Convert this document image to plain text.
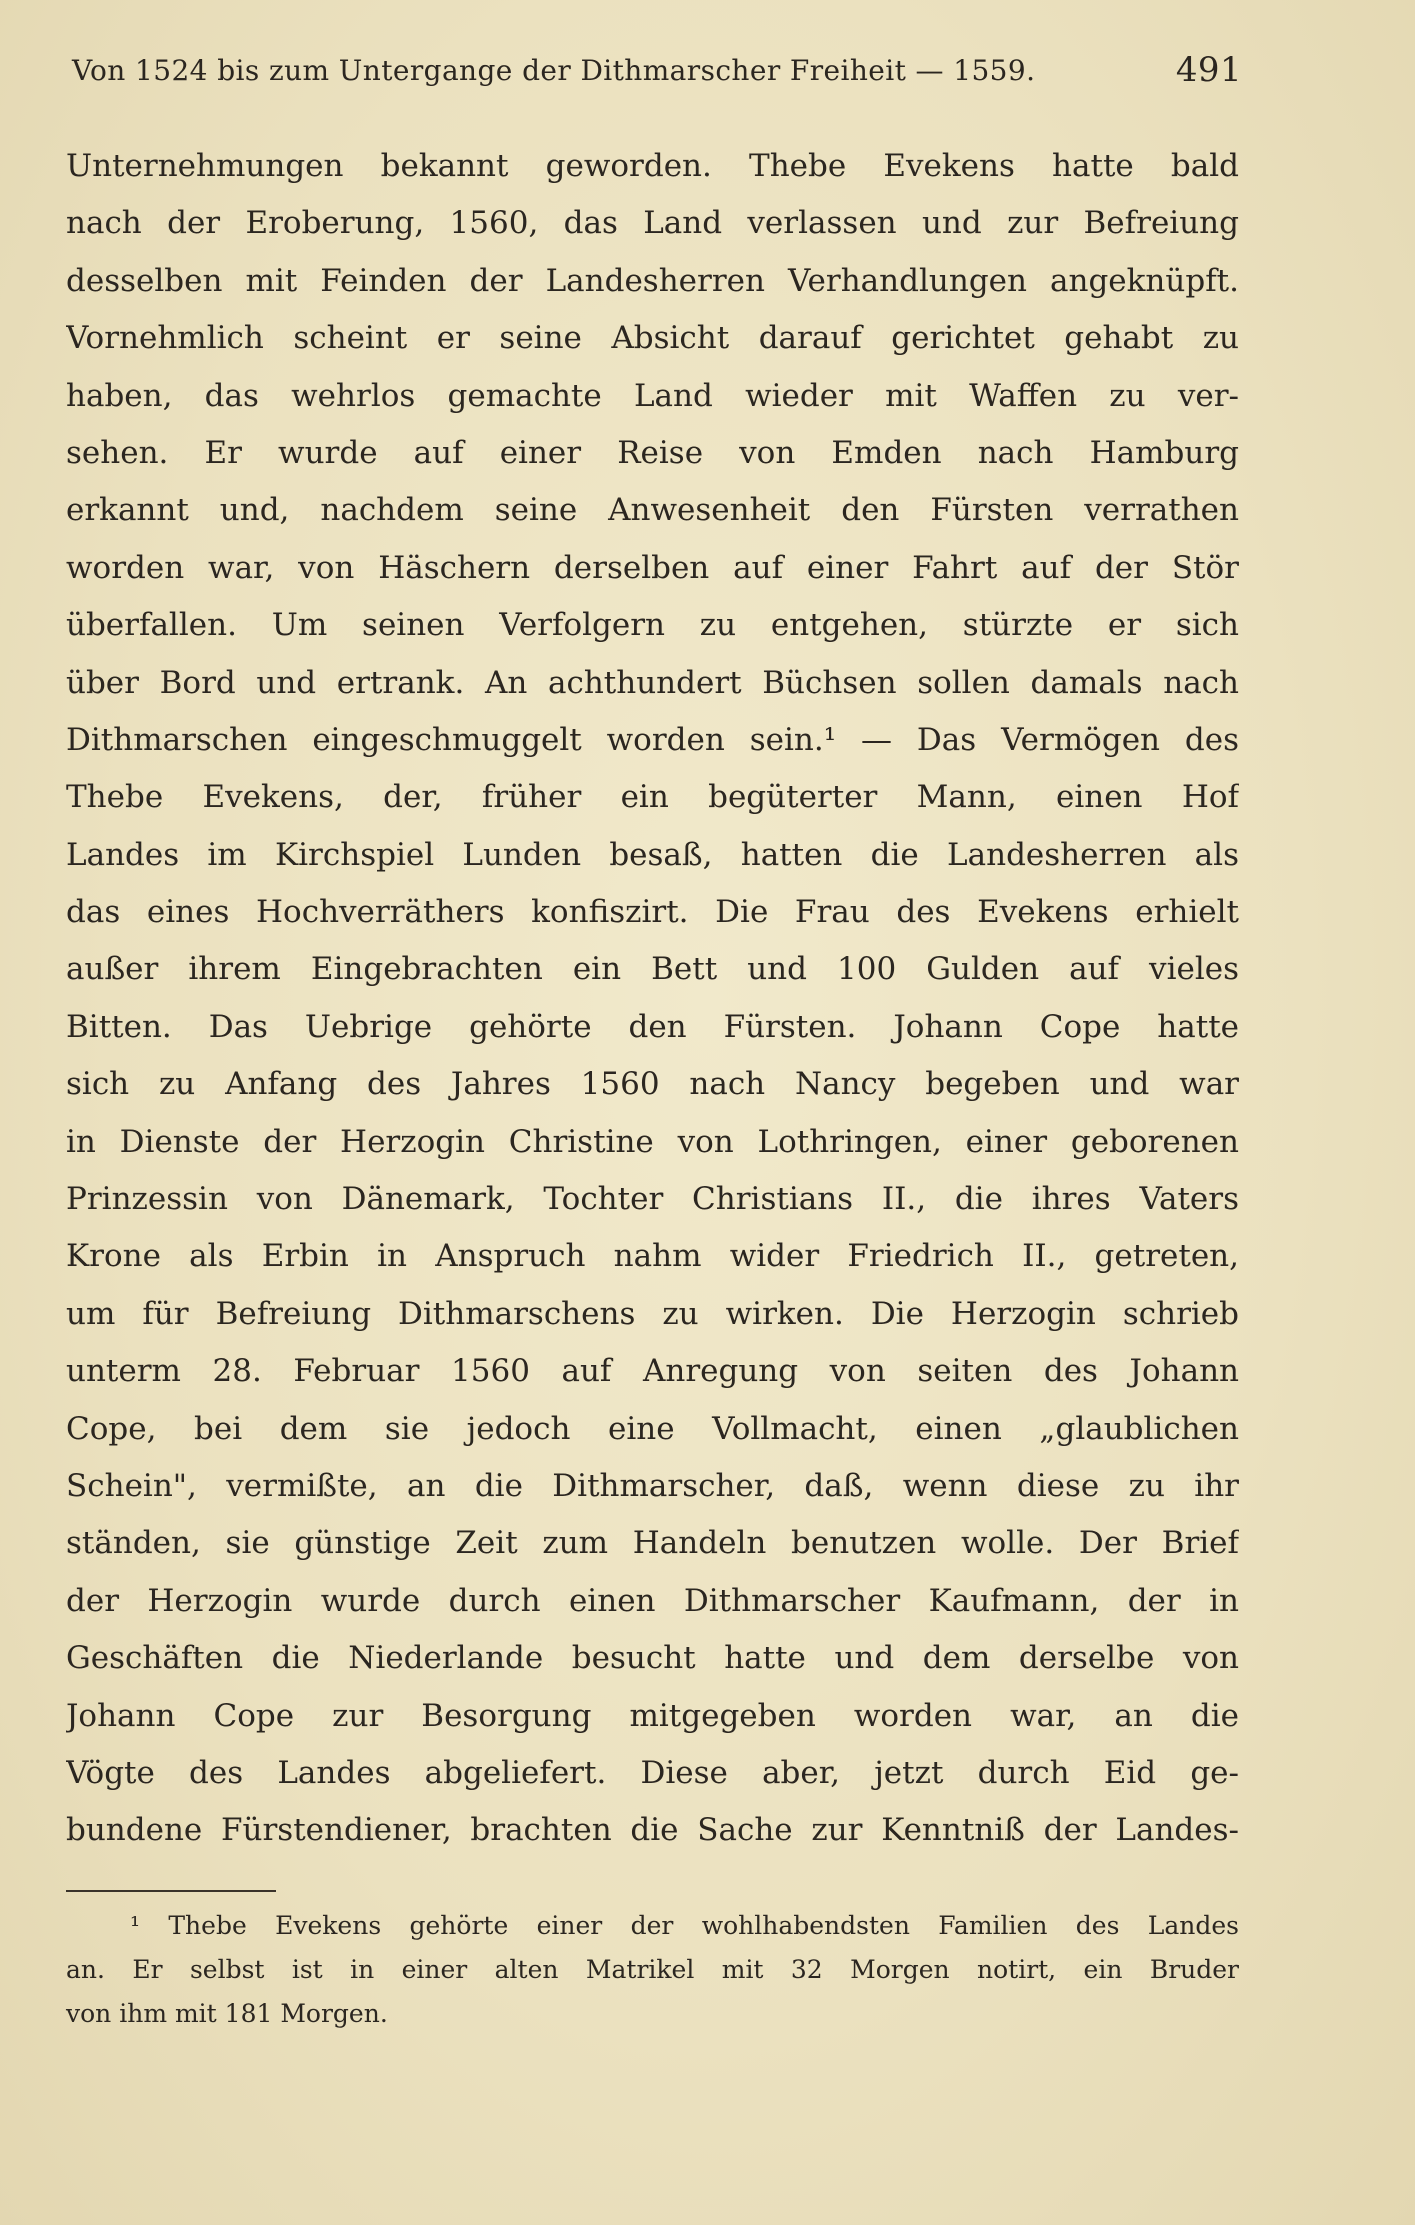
Von 1524 bis zum Untergange der Dithmarscher Freiheit — 1559.	491
Unternehmungen bekannt geworden. Thebe Evekens hatte bald
nach der Eroberung, 1560, das Land verlassen und zur Befreiung
desselben mit Feinden der Landesherren Verhandlungen angeknüpft.
Vornehmlich scheint er seine Absicht darauf gerichtet gehabt zu
haben, das wehrlos gemachte Land wieder mit Waffen zu ver-
sehen. Er wurde auf einer Reise von Emden nach Hamburg
erkannt und, nachdem seine Anwesenheit den Fürsten verrathen
worden war, von Häschern derselben auf einer Fahrt auf der Stör
überfallen. Um seinen Verfolgern zu entgehen, stürzte er sich
über Bord und ertrank. An achthundert Büchsen sollen damals nach
Dithmarschen eingeschmuggelt worden sein.¹ — Das Vermögen des
Thebe Evekens, der, früher ein begüterter Mann, einen Hof
Landes im Kirchspiel Lunden besaß, hatten die Landesherren als
das eines Hochverräthers konfiszirt. Die Frau des Evekens erhielt
außer ihrem Eingebrachten ein Bett und 100 Gulden auf vieles
Bitten. Das Uebrige gehörte den Fürsten. Johann Cope hatte
sich zu Anfang des Jahres 1560 nach Nancy begeben und war
in Dienste der Herzogin Christine von Lothringen, einer geborenen
Prinzessin von Dänemark, Tochter Christians II., die ihres Vaters
Krone als Erbin in Anspruch nahm wider Friedrich II., getreten,
um für Befreiung Dithmarschens zu wirken. Die Herzogin schrieb
unterm 28. Februar 1560 auf Anregung von seiten des Johann
Cope, bei dem sie jedoch eine Vollmacht, einen „glaublichen
Schein", vermißte, an die Dithmarscher, daß, wenn diese zu ihr
ständen, sie günstige Zeit zum Handeln benutzen wolle. Der Brief
der Herzogin wurde durch einen Dithmarscher Kaufmann, der in
Geschäften die Niederlande besucht hatte und dem derselbe von
Johann Cope zur Besorgung mitgegeben worden war, an die
Vögte des Landes abgeliefert. Diese aber, jetzt durch Eid ge-
bundene Fürstendiener, brachten die Sache zur Kenntniß der Landes-
¹ Thebe Evekens gehörte einer der wohlhabendsten Familien des Landes
an. Er selbst ist in einer alten Matrikel mit 32 Morgen notirt, ein Bruder
von ihm mit 181 Morgen.
